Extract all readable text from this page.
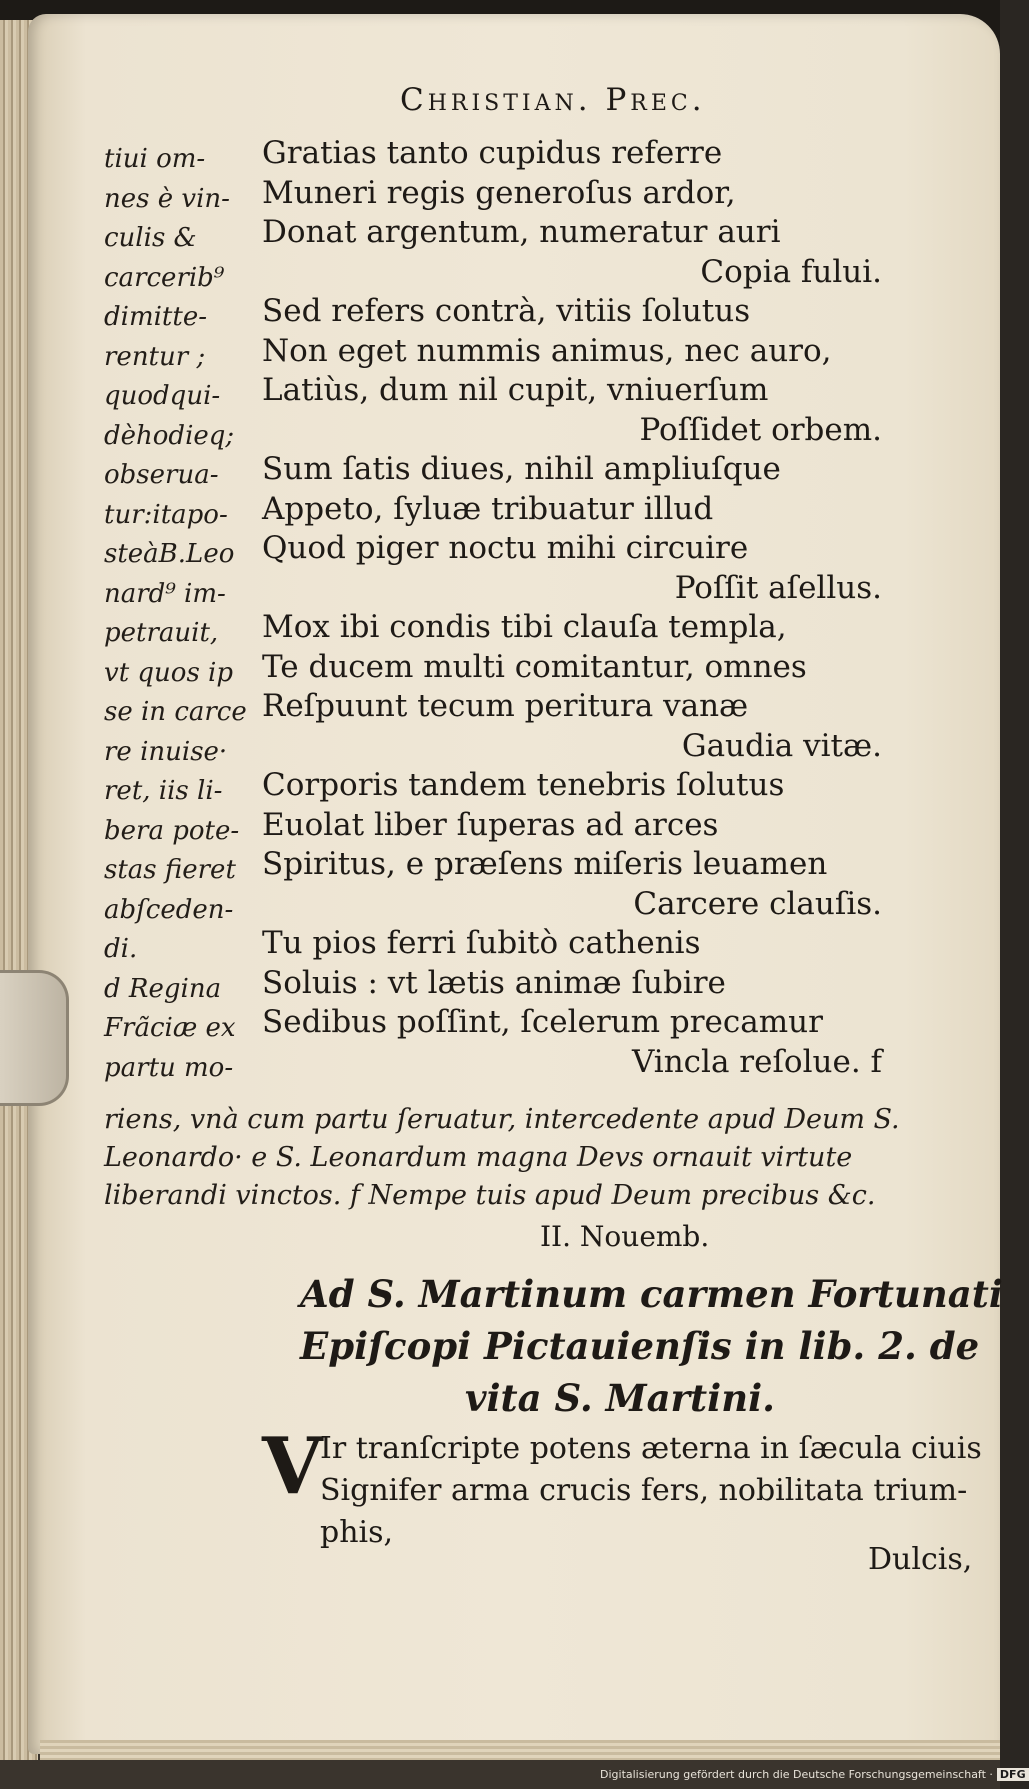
Christian. Prec.
tiui om-
nes è vin-
culis &
carcerib⁹
dimitte-
rentur ;
quodqui-
dèhodieq;
obserua-
tur:itapo-
steàB.Leo
nard⁹ im-
petrauit,
vt quos ip
se in carce
re inuise·
ret, iis li-
bera pote-
stas fieret
abſceden-
di.
d Regina
Frãciæ ex
partu mo-
Gratias tanto cupidus referre
Muneri regis generoſus ardor,
Donat argentum, numeratur auri
Copia fului.
Sed refers contrà, vitiis ſolutus
Non eget nummis animus, nec auro,
Latiùs, dum nil cupit, vniuerſum
Poſſidet orbem.
Sum ſatis diues, nihil ampliuſque
Appeto, ſyluæ tribuatur illud
Quod piger noctu mihi circuire
Poſſit aſellus.
Mox ibi condis tibi clauſa templa,
Te ducem multi comitantur, omnes
Reſpuunt tecum peritura vanæ
Gaudia vitæ.
Corporis tandem tenebris ſolutus
Euolat liber ſuperas ad arces
Spiritus, e præſens miſeris leuamen
Carcere clauſis.
Tu pios ferri ſubitò cathenis
Soluis : vt lætis animæ ſubire
Sedibus poſſint, ſcelerum precamur
Vincla reſolue. f
riens, vnà cum partu ſeruatur, intercedente apud Deum S.
Leonardo· e S. Leonardum magna Devs ornauit virtute
liberandi vinctos. f Nempe tuis apud Deum precibus &c.
II. Nouemb.
Ad S. Martinum carmen Fortunati
Epiſcopi Pictauienſis in lib. 2. de
vita S. Martini.
V
Ir tranſcripte potens æterna in ſæcula ciuis
Signifer arma crucis fers, nobilitata trium-
phis,
Dulcis,
Digitalisierung gefördert durch die Deutsche Forschungsgemeinschaft · DFG
